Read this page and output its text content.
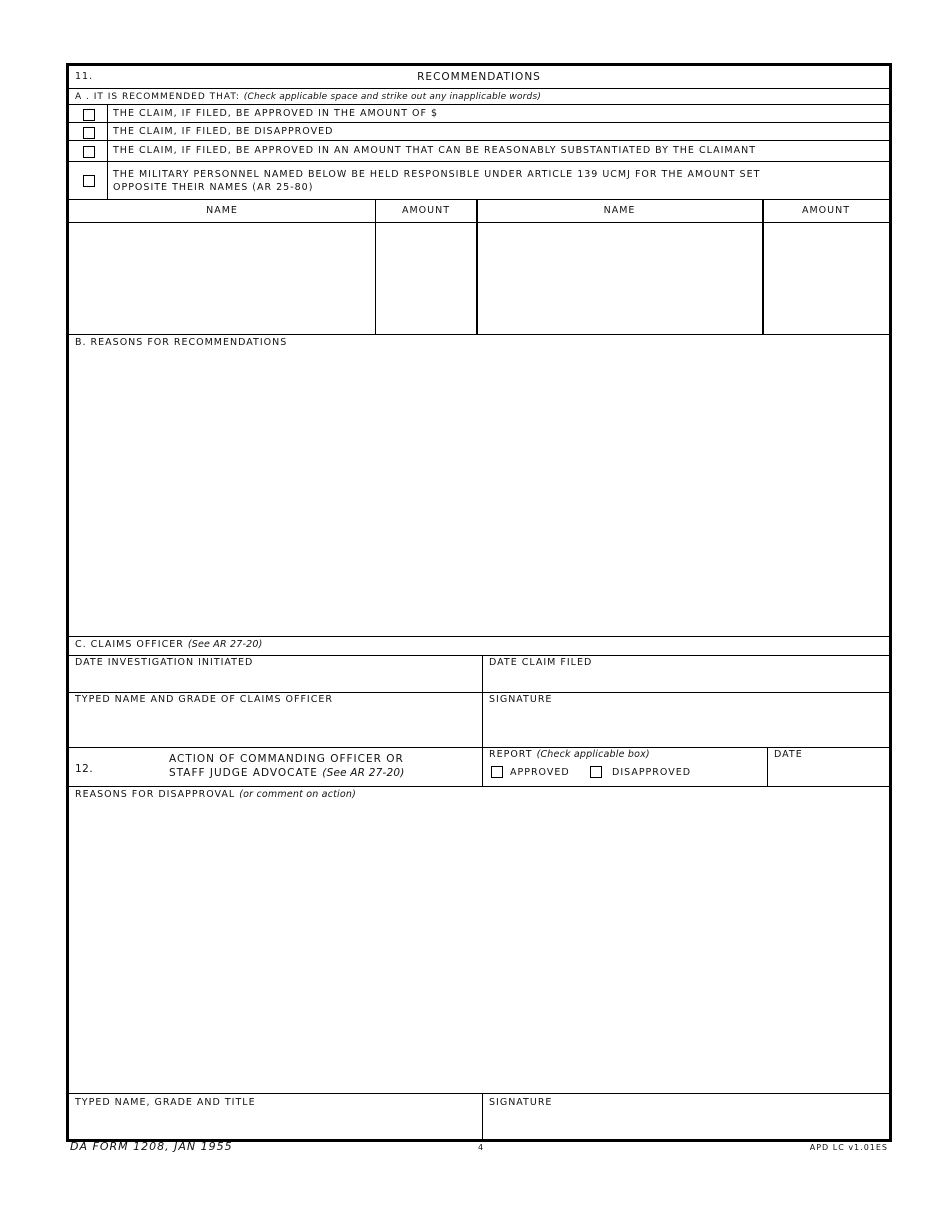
11.	RECOMMENDATIONS
A . IT IS RECOMMENDED THAT: (Check applicable space and strike out any inapplicable words)
THE CLAIM, IF FILED, BE APPROVED IN THE AMOUNT OF $
THE CLAIM, IF FILED, BE DISAPPROVED
THE CLAIM, IF FILED, BE APPROVED IN AN AMOUNT THAT CAN BE REASONABLY SUBSTANTIATED BY THE CLAIMANT
THE MILITARY PERSONNEL NAMED BELOW BE HELD RESPONSIBLE UNDER ARTICLE 139 UCMJ FOR THE AMOUNT SET
OPPOSITE THEIR NAMES (AR 25-80)
NAME	AMOUNT	NAME	AMOUNT
B. REASONS FOR RECOMMENDATIONS
C. CLAIMS OFFICER (See AR 27-20)
DATE INVESTIGATION INITIATED	DATE CLAIM FILED
TYPED NAME AND GRADE OF CLAIMS OFFICER	SIGNATURE
12.
ACTION OF COMMANDING OFFICER OR
STAFF JUDGE ADVOCATE (See AR 27-20)
REPORT (Check applicable box)
APPROVED	DISAPPROVED
DATE
REASONS FOR DISAPPROVAL (or comment on action)
TYPED NAME, GRADE AND TITLE	SIGNATURE
DA FORM 1208, JAN 1955	4	APD LC v1.01ES
